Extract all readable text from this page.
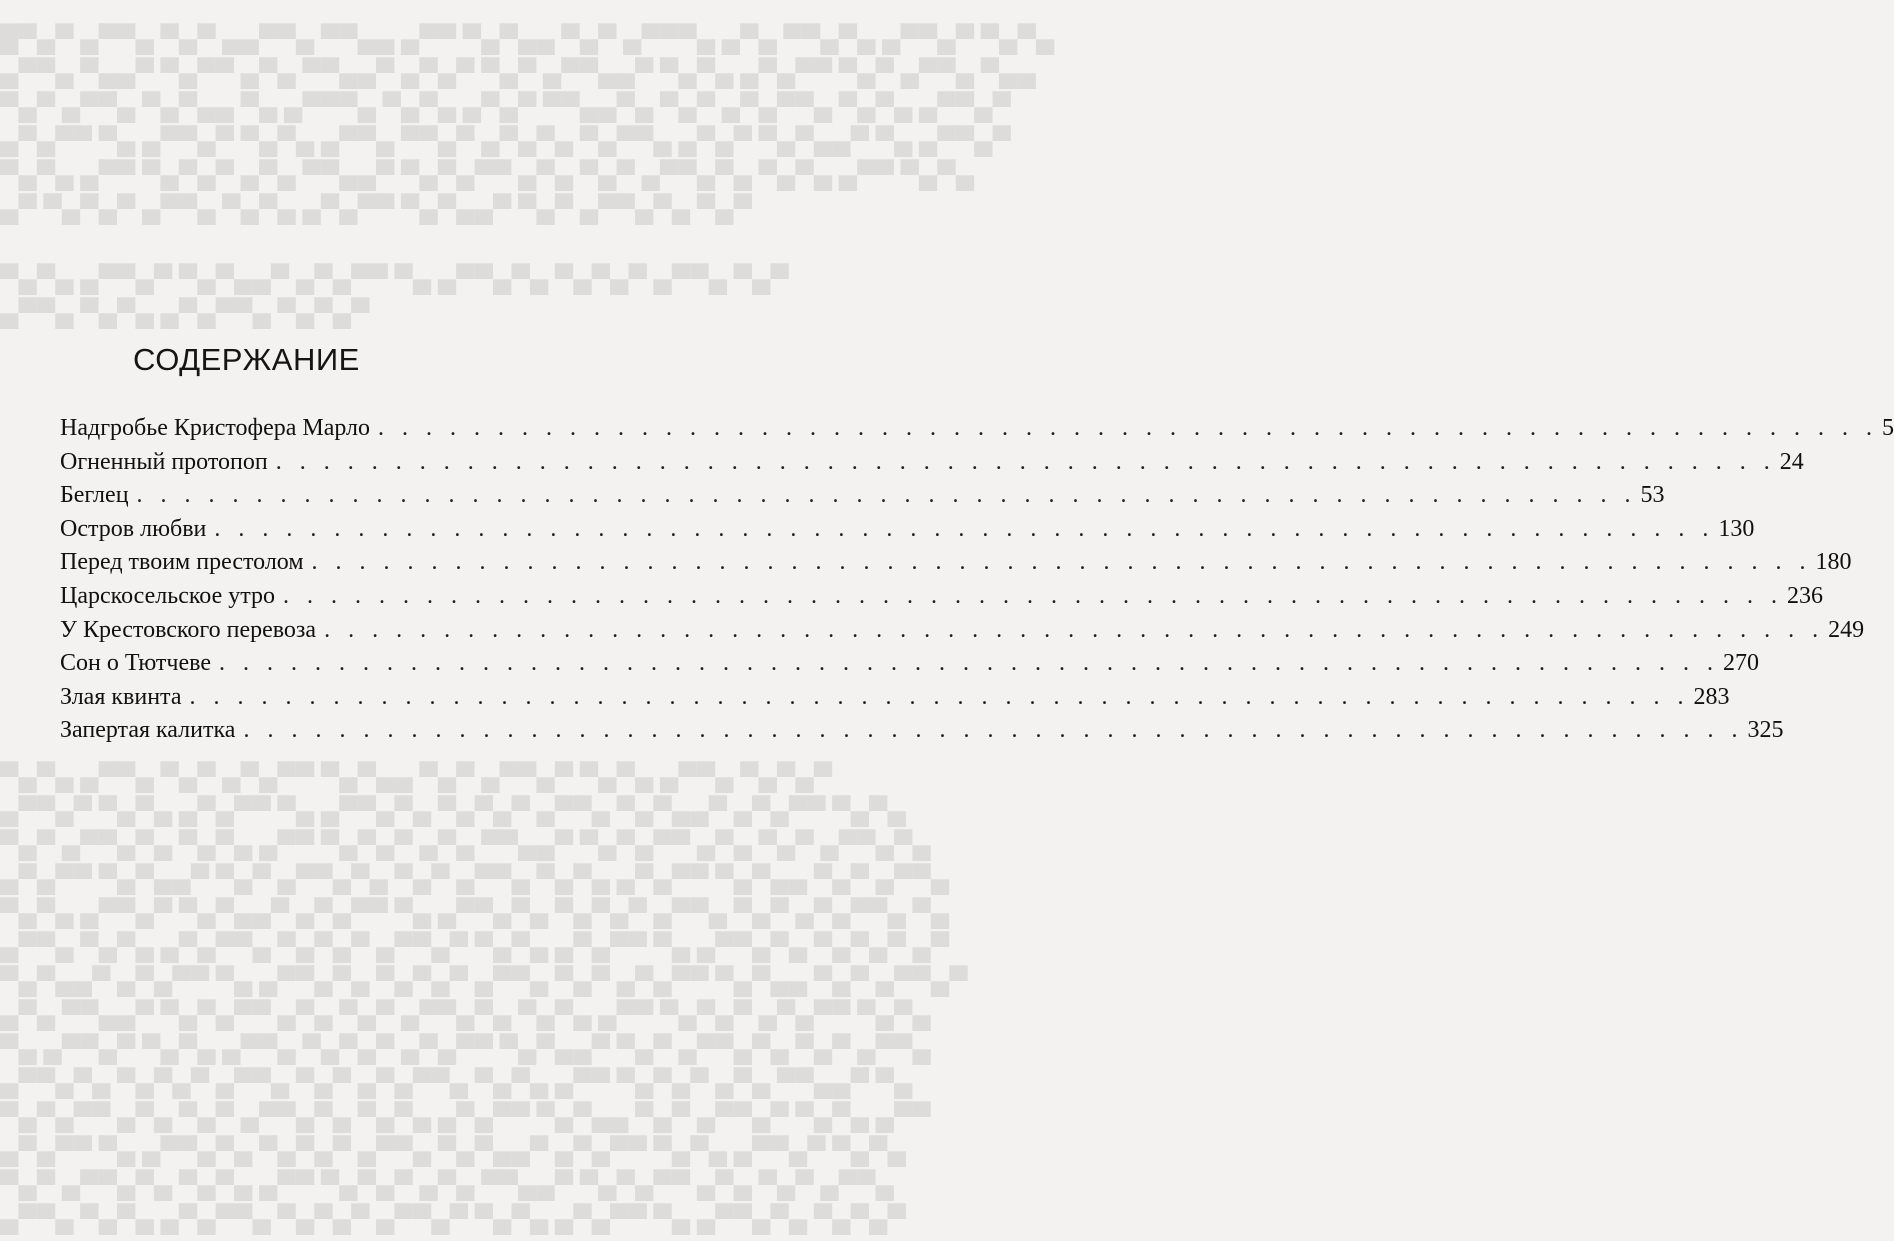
█▀▄▀ ▄▀▀▄ ▀▄▀ ▄▄▀▀▄ ▀▀▄▄ ▄▀▀ ▀▄▀▄▄ ▀▄▀ ▄▀▀▀▄ ▄▀▄ ▀▀▄▀▄ ▄▀▀▄▀ ▀▄▀▄
▄▀▀▄ ▀▄▄▀ ▀▄▀▀ ▄▀▄ ▀▀▄▄▀ ▄▀▄▀ ▀▄▀ ▄▀▀▄▄▀ ▀▄▀▄ ▄▀▄▀▀ ▀▄▀ ▄▀▀▄ ▀▄▄
▀▄▀ ▄▀▀▄ ▀▄▀▄▄ ▀▄ ▄▀▀▀▄ ▀▄▀▄ ▄▀▄▀ ▀▀▄▄▀▄ ▀▄▀ ▄▀▄▀▀▄ ▀▄▀▄ ▄▀▀▄▀
▄▀▄▀▀ ▀▄ ▄▀▀▄▀ ▀▄▀▄ ▄▀▀▄ ▀▀▄▀ ▄▀▄▀▄ ▀▄▀▀▄ ▄▀▄▀ ▀▄▀▄▄▀ ▀▄ ▄▀▀▄▀
▀▄▀▄ ▄▀▀ ▀▄▀▄▀ ▄▀▄ ▀▀▄▄▀ ▀▄▀▄▀▀ ▄▀▄ ▀▄▀ ▄▀▀▄▀▄ ▀▄▀▄ ▄▀▀ ▀▄▀▄
▄▀ ▀▄▀▄▀ ▄▀▀▄ ▀▄▀▄ ▄▀▄▀▀ ▀▄▀▄▄▀ ▀▄▀ ▄▀▀▄▀▄ ▀▄▀
▀▄▀▄ ▄▀▀▄▀ ▀▄▀▄▄▀ ▄▀▄▀▀ ▀▄ ▄▀▀▄▀▄ ▀▄▀▄▀ ▄▀▀▄ ▀▄▀
▄▀▀▄ ▀▄▀▄ ▄▀▄▀▀▄ ▀▄▀▄▀
▀▄▀▄ ▄▀▀▄ ▀▄▀ ▄▀▄▀▀ ▀▄▀▄▄ ▀▄▀ ▄▀▀▄▀ ▀▄▀▄ ▄▀▀▄ ▀▄▀▄▀
▄▀▀▄▀ ▀▄▀▄ ▄▀▄▀▀ ▀▄ ▄▀▀▄▀▄ ▀▄▀▄▀ ▄▀▀▄ ▀▄▀▄▄▀ ▄▀▄▀▀ ▀▄▀▄
▀▄▀ ▄▀▀▄▀▄ ▀▄▀▄ ▄▀▀ ▀▄▀▄▀ ▄▀▄ ▀▀▄▄▀ ▀▄▀▄▀▀ ▄▀▄ ▀▄▀ ▄▀▀▄▀▄
▄▀▄▀▀ ▀▄▀▄▄▀ ▀▄▀ ▄▀▀▄▀▄ ▀▄▀ ▄▀▀▄ ▀▄▀▄ ▄▀▄▀▀ ▀▄▀▄▄ ▀▄▀ ▄▀▀▄
▀▄▀▄ ▄▀▀▄▀ ▀▄▀▄▄▀ ▄▀▄▀▀ ▀▄ ▄▀▀▄▀▄ ▀▄▀▄▀ ▄▀▀▄ ▀▄▀ ▄▀▄▀▀▄ ▀▄
▄▀▀▄ ▀▄▀▄ ▄▀▄▀▀▄ ▀▄▀▄▀ ▄▀▀▄▀ ▀▄▀▄ ▄▀▄▀▀ ▀▄ ▄▀▀▄▀▄ ▀▄▀▄▀ ▄▀
▀▄▀▄▄▀ ▄▀▄▀▀ ▀▄ ▄▀▀▄▀▄ ▀▄▀▄▀ ▄▀▀▄ ▀▄▀ ▄▀▄▀▀ ▀▄▀▄▄ ▀▄▀ ▄▀▀▄▀
▄▀▄ ▀▀▄▄▀ ▀▄▀▄▀▀ ▄▀▄ ▀▄▀ ▄▀▀▄▀▄ ▀▄▀▄ ▄▀▀ ▀▄▀▄▀ ▄▀▄▀▀ ▀▄▀▄
▀▄ ▄▀▀▄▀ ▀▄▀▄ ▄▀▀▄ ▀▄▀▄▀ ▄▀▄▀▀ ▀▄▀▄▄▀ ▀▄▀ ▄▀▀▄▀▄ ▀▄▀ ▄▀▀▄
▄▀▀▄▀▄ ▀▄▀▄▀ ▄▀▀▄ ▀▄▀ ▄▀▄▀▀▄ ▀▄▀▄ ▄▀▀ ▀▄▀▄▀ ▄▀▄ ▀▀▄▄▀ ▀▄
▀▄▀▄▀▀ ▄▀▄ ▀▄▀ ▄▀▀▄▀▄ ▀▄▀▄ ▄▀▄▀▀ ▀▄▀▄▄ ▀▄▀ ▄▀▀▄▀ ▀▄▀▄ ▄▀▀
▄▀▄▀▀ ▀▄ ▄▀▀▄▀▄ ▀▄▀▄▀ ▄▀▀▄ ▀▄▀▄▄▀ ▄▀▄▀▀ ▀▄▀▄ ▄▀▀▄▀ ▀▄▀▄
▀▄▀ ▄▀▀▄▀▄ ▀▄▀▄ ▄▀▀ ▀▄▀▄▀ ▄▀▄ ▀▀▄▄▀ ▀▄▀▄▀▀ ▄▀▄ ▀▄▀ ▄▀▀▄
▄▀▀▄ ▀▄▀▄ ▄▀▄▀▀▄ ▀▄▀▄▀ ▄▀▀▄▀ ▀▄▀▄ ▄▀▄▀▀ ▀▄ ▄▀▀▄▀▄ ▀▄▀▄▀
СОДЕРЖАНИЕ
Надгробье Кристофера Марло . . .	5
Огненный протопоп . . .	24
Беглец . . .	53
Остров любви . . .	130
Перед твоим престолом . . .	180
Царскосельское утро . . .	236
У Крестовского перевоза . . .	249
Сон о Тютчеве . . .	270
Злая квинта . . .	283
Запертая калитка . . .	325
